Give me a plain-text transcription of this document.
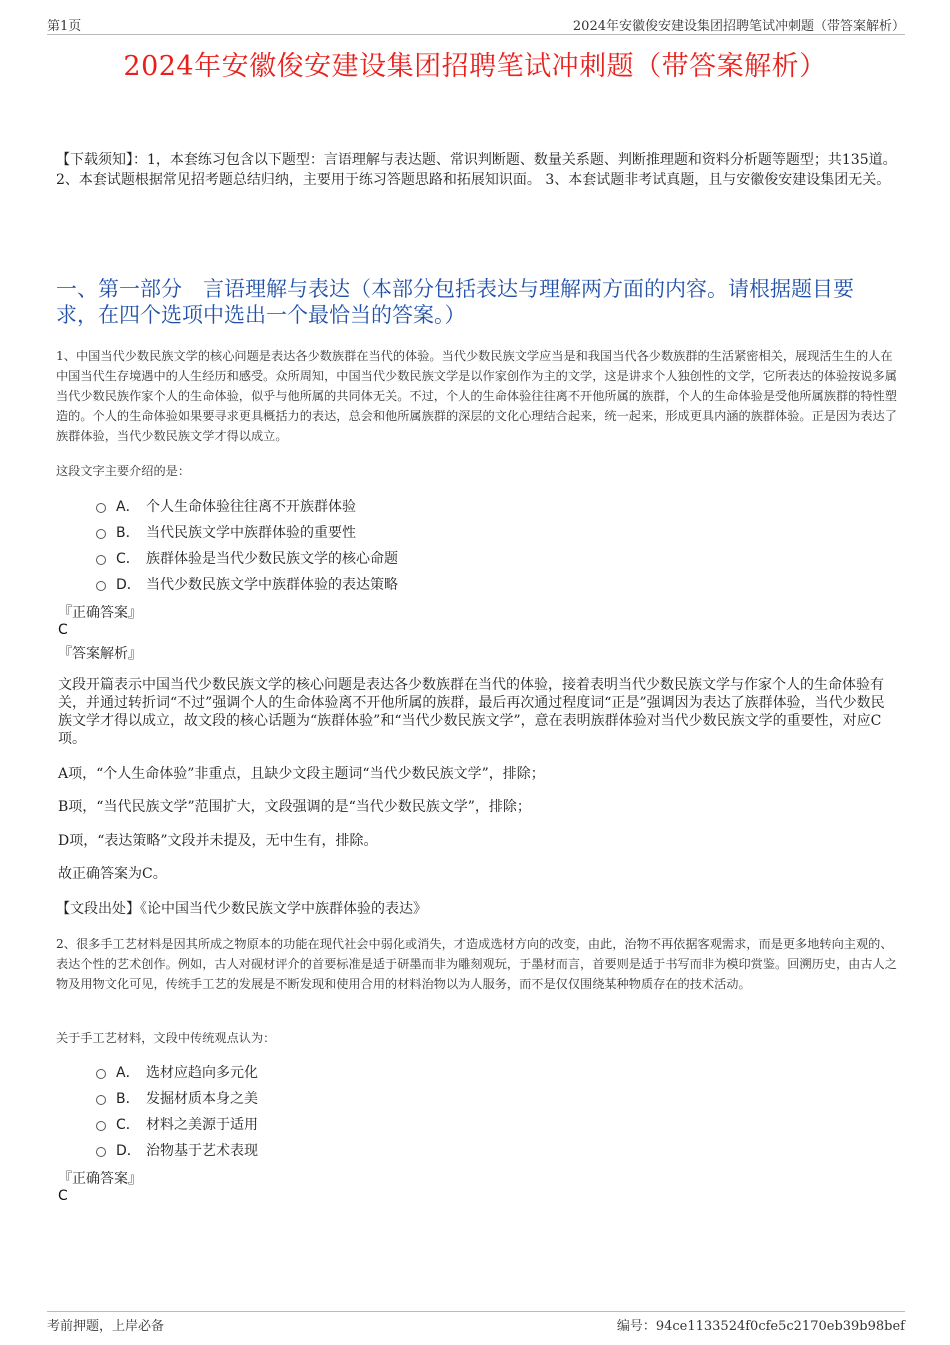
第1页	2024年安徽俊安建设集团招聘笔试冲刺题（带答案解析）
2024年安徽俊安建设集团招聘笔试冲刺题（带答案解析）
【下载须知】：1，本套练习包含以下题型：言语理解与表达题、常识判断题、数量关系题、判断推理题和资料分析题等题型；共135道。 2、本套试题根据常见招考题总结归纳，主要用于练习答题思路和拓展知识面。 3、本套试题非考试真题，且与安徽俊安建设集团无关。
一、第一部分　言语理解与表达（本部分包括表达与理解两方面的内容。请根据题目要求，在四个选项中选出一个最恰当的答案。）
1、中国当代少数民族文学的核心问题是表达各少数族群在当代的体验。当代少数民族文学应当是和我国当代各少数族群的生活紧密相关，展现活生生的人在中国当代生存境遇中的人生经历和感受。众所周知，中国当代少数民族文学是以作家创作为主的文学，这是讲求个人独创性的文学，它所表达的体验按说多属当代少数民族作家个人的生命体验，似乎与他所属的共同体无关。不过，个人的生命体验往往离不开他所属的族群，个人的生命体验是受他所属族群的特性塑造的。个人的生命体验如果要寻求更具概括力的表达，总会和他所属族群的深层的文化心理结合起来，统一起来，形成更具内涵的族群体验。正是因为表达了族群体验，当代少数民族文学才得以成立。
这段文字主要介绍的是：
A． 个人生命体验往往离不开族群体验
B． 当代民族文学中族群体验的重要性
C． 族群体验是当代少数民族文学的核心命题
D． 当代少数民族文学中族群体验的表达策略
『正确答案』
C
『答案解析』
文段开篇表示中国当代少数民族文学的核心问题是表达各少数族群在当代的体验，接着表明当代少数民族文学与作家个人的生命体验有关，并通过转折词“不过”强调个人的生命体验离不开他所属的族群，最后再次通过程度词“正是”强调因为表达了族群体验，当代少数民族文学才得以成立，故文段的核心话题为“族群体验”和“当代少数民族文学”，意在表明族群体验对当代少数民族文学的重要性，对应C项。
A项，“个人生命体验”非重点，且缺少文段主题词“当代少数民族文学”，排除；
B项，“当代民族文学”范围扩大，文段强调的是“当代少数民族文学”，排除；
D项，“表达策略”文段并未提及，无中生有，排除。
故正确答案为C。
【文段出处】《论中国当代少数民族文学中族群体验的表达》
2、很多手工艺材料是因其所成之物原本的功能在现代社会中弱化或消失，才造成选材方向的改变，由此，治物不再依据客观需求，而是更多地转向主观的、表达个性的艺术创作。例如，古人对砚材评介的首要标准是适于研墨而非为雕刻观玩，于墨材而言，首要则是适于书写而非为模印赏鉴。回溯历史，由古人之物及用物文化可见，传统手工艺的发展是不断发现和使用合用的材料治物以为人服务，而不是仅仅围绕某种物质存在的技术活动。
关于手工艺材料，文段中传统观点认为：
A． 选材应趋向多元化
B． 发掘材质本身之美
C． 材料之美源于适用
D． 治物基于艺术表现
『正确答案』
C
考前押题，上岸必备	编号：94ce1133524f0cfe5c2170eb39b98bef
